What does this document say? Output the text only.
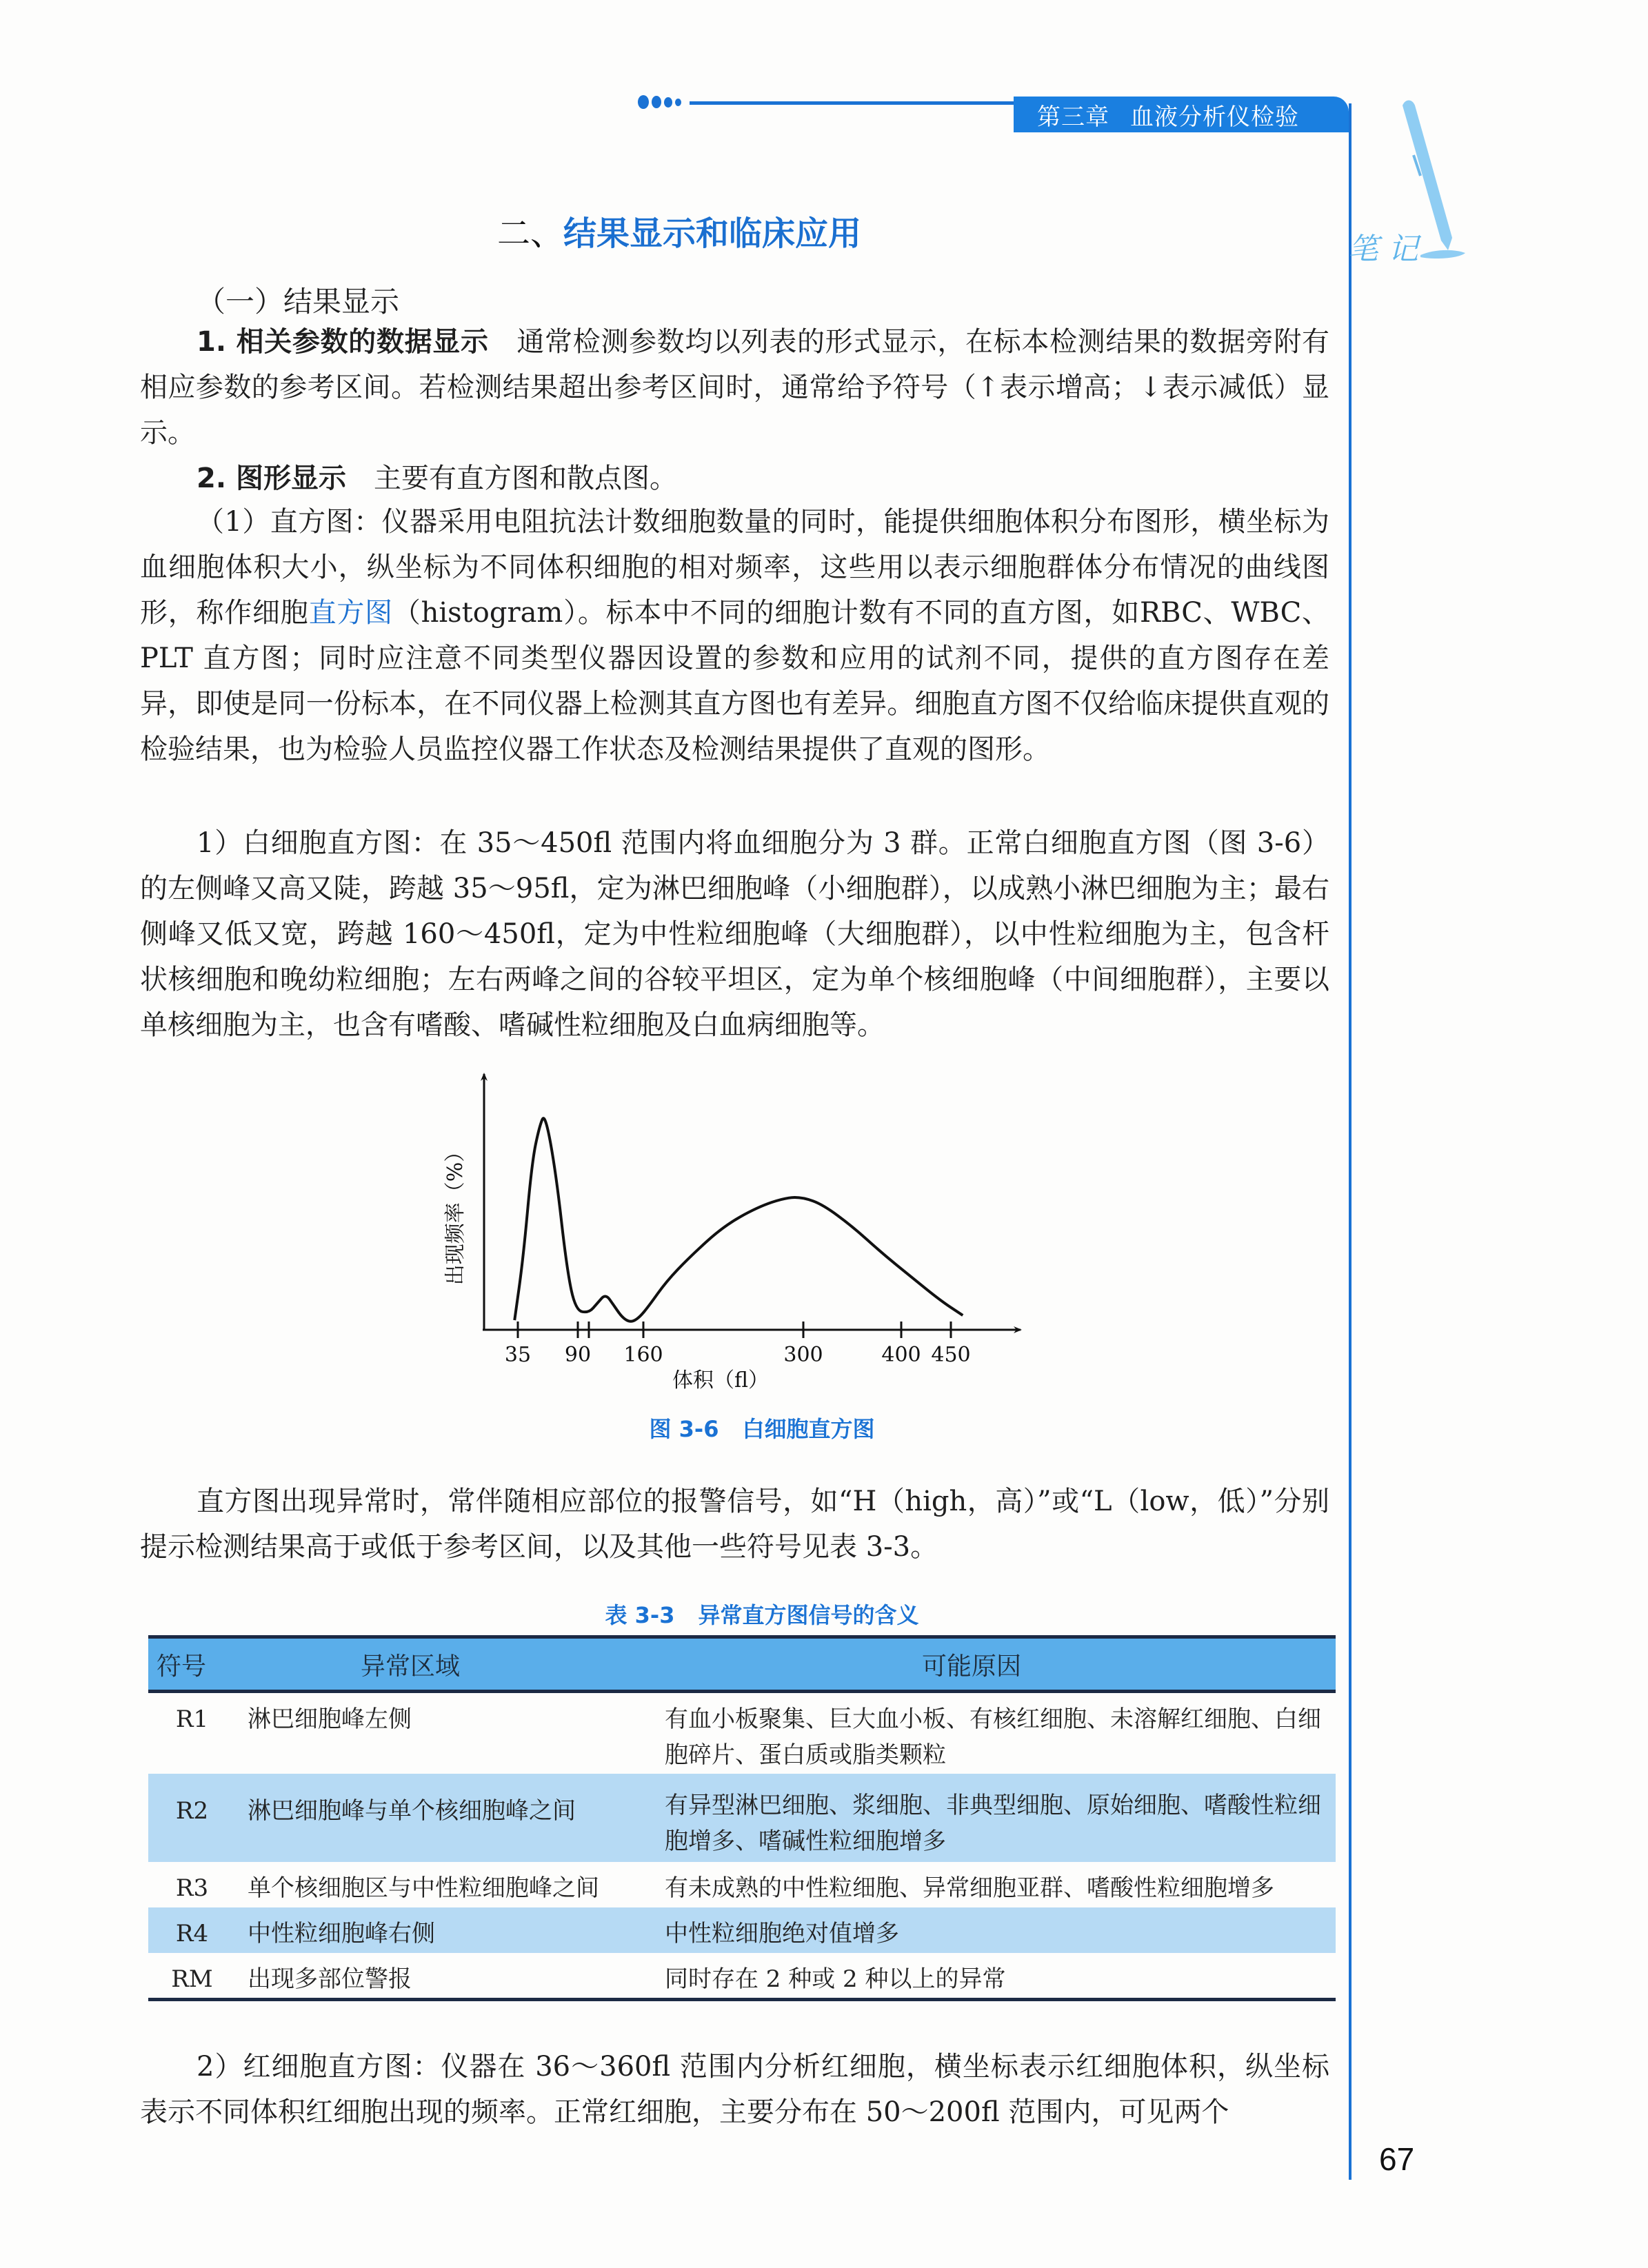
第三章 血液分析仪检验
笔记
二、结果显示和临床应用
（一）结果显示
1. 相关参数的数据显示　 通常检测参数均以列表的形式显示，在标本检测结果的数据旁附有相应参数的参考区间。若检测结果超出参考区间时，通常给予符号（↑表示增高；↓表示减低）显示。
2. 图形显示　 主要有直方图和散点图。
（1）直方图：仪器采用电阻抗法计数细胞数量的同时，能提供细胞体积分布图形，横坐标为血细胞体积大小，纵坐标为不同体积细胞的相对频率，这些用以表示细胞群体分布情况的曲线图形，称作细胞直方图（histogram）。标本中不同的细胞计数有不同的直方图，如RBC、WBC、PLT 直方图；同时应注意不同类型仪器因设置的参数和应用的试剂不同，提供的直方图存在差异，即使是同一份标本，在不同仪器上检测其直方图也有差异。细胞直方图不仅给临床提供直观的检验结果，也为检验人员监控仪器工作状态及检测结果提供了直观的图形。
1）白细胞直方图：在 35～450fl 范围内将血细胞分为 3 群。正常白细胞直方图（图 3-6）的左侧峰又高又陡，跨越 35～95fl，定为淋巴细胞峰（小细胞群），以成熟小淋巴细胞为主；最右侧峰又低又宽，跨越 160～450fl，定为中性粒细胞峰（大细胞群），以中性粒细胞为主，包含杆状核细胞和晚幼粒细胞；左右两峰之间的谷较平坦区，定为单个核细胞峰（中间细胞群），主要以单核细胞为主，也含有嗜酸、嗜碱性粒细胞及白血病细胞等。
35 90 160	300	400 450
出现频率（%）
体积（fl）
图 3-6 白细胞直方图
直方图出现异常时，常伴随相应部位的报警信号，如“H（high，高）”或“L（low，低）”分别提示检测结果高于或低于参考区间，以及其他一些符号见表 3-3。
表 3-3 异常直方图信号的含义
符号	异常区域	可能原因
R1	淋巴细胞峰左侧	有血小板聚集、巨大血小板、有核红细胞、未溶解红细胞、白细胞碎片、蛋白质或脂类颗粒
R2	淋巴细胞峰与单个核细胞峰之间	有异型淋巴细胞、浆细胞、非典型细胞、原始细胞、嗜酸性粒细胞增多、嗜碱性粒细胞增多
R3	单个核细胞区与中性粒细胞峰之间	有未成熟的中性粒细胞、异常细胞亚群、嗜酸性粒细胞增多
R4	中性粒细胞峰右侧	中性粒细胞绝对值增多
RM	出现多部位警报	同时存在 2 种或 2 种以上的异常
2）红细胞直方图：仪器在 36～360fl 范围内分析红细胞，横坐标表示红细胞体积，纵坐标表示不同体积红细胞出现的频率。正常红细胞，主要分布在 50～200fl 范围内，可见两个
67
